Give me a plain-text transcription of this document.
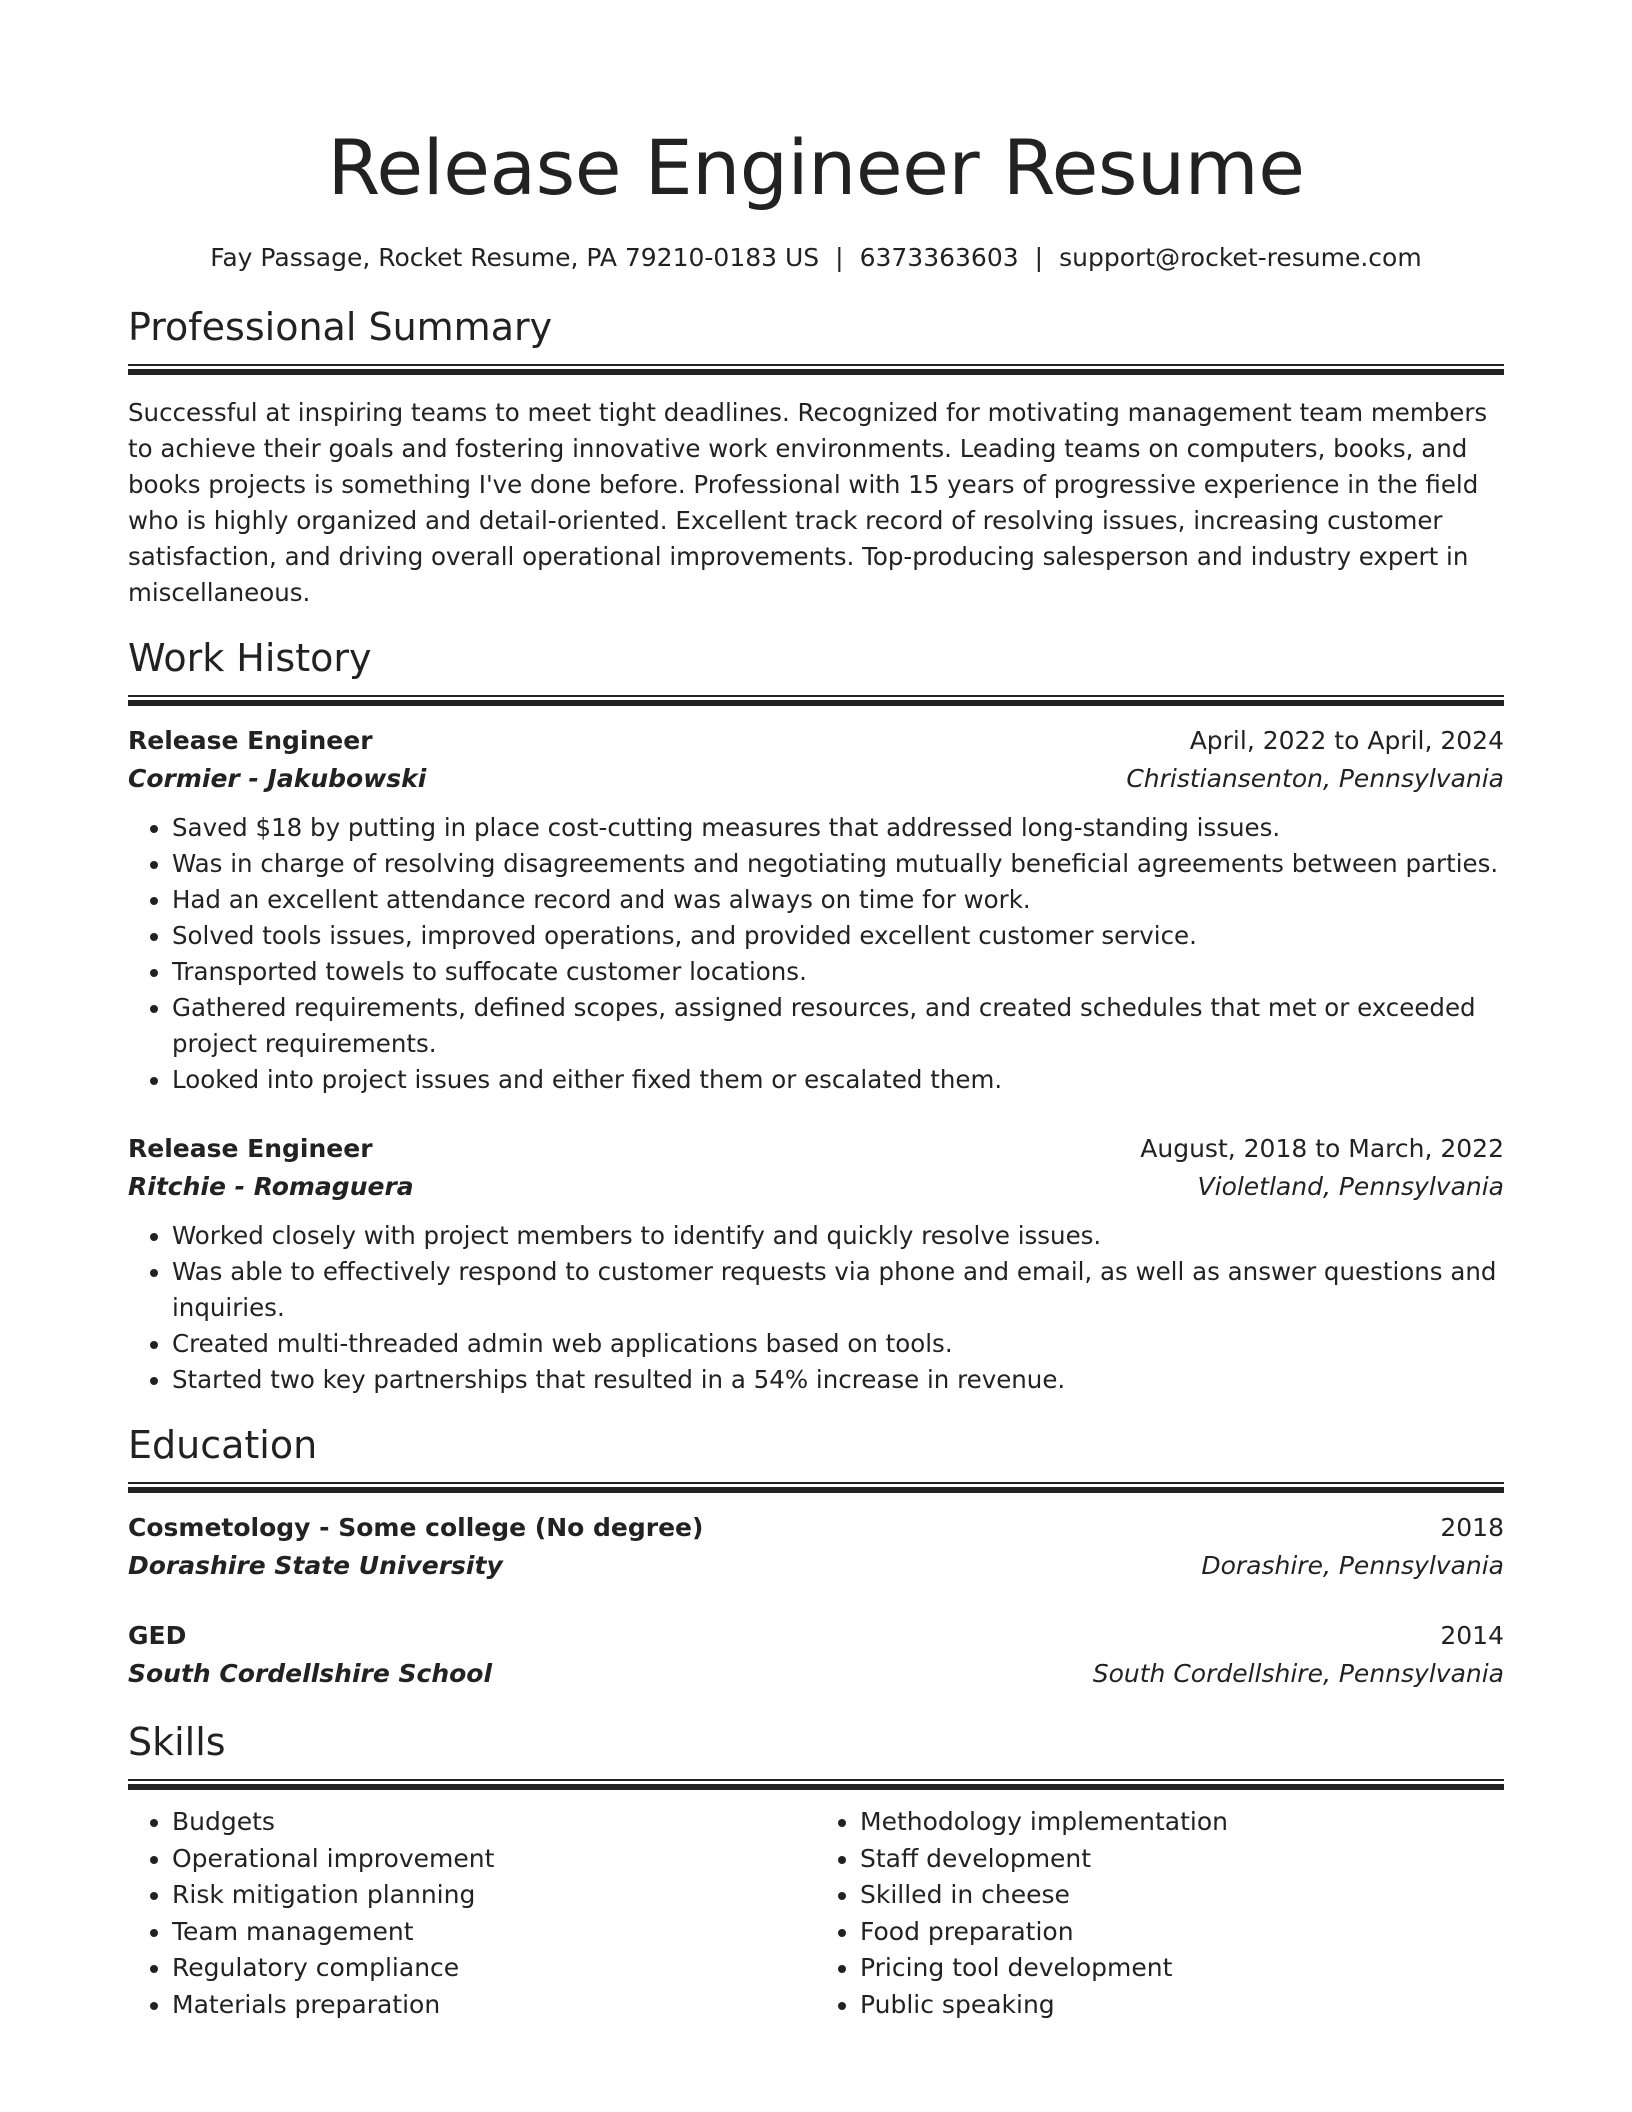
Release Engineer Resume
Fay Passage, Rocket Resume, PA 79210-0183 US | 6373363603 | support@rocket-resume.com
Professional Summary

Successful at inspiring teams to meet tight deadlines. Recognized for motivating management team members to achieve their goals and fostering innovative work environments. Leading teams on computers, books, and books projects is something I've done before. Professional with 15 years of progressive experience in the field who is highly organized and detail-oriented. Excellent track record of resolving issues, increasing customer satisfaction, and driving overall operational improvements. Top-producing salesperson and industry expert in miscellaneous.

Work History
Release Engineer	April, 2022 to April, 2024
Cormier - Jakubowski	Christiansenton, Pennsylvania
• Saved $18 by putting in place cost-cutting measures that addressed long-standing issues.
• Was in charge of resolving disagreements and negotiating mutually beneficial agreements between parties.
• Had an excellent attendance record and was always on time for work.
• Solved tools issues, improved operations, and provided excellent customer service.
• Transported towels to suffocate customer locations.
• Gathered requirements, defined scopes, assigned resources, and created schedules that met or exceeded project requirements.
• Looked into project issues and either fixed them or escalated them.
Release Engineer	August, 2018 to March, 2022
Ritchie - Romaguera	Violetland, Pennsylvania
• Worked closely with project members to identify and quickly resolve issues.
• Was able to effectively respond to customer requests via phone and email, as well as answer questions and inquiries.
• Created multi-threaded admin web applications based on tools.
• Started two key partnerships that resulted in a 54% increase in revenue.
Education
Cosmetology - Some college (No degree)	2018
Dorashire State University	Dorashire, Pennsylvania
GED	2014
South Cordellshire School	South Cordellshire, Pennsylvania
Skills
• Budgets
• Operational improvement
• Risk mitigation planning
• Team management
• Regulatory compliance
• Materials preparation
• Methodology implementation
• Staff development
• Skilled in cheese
• Food preparation
• Pricing tool development
• Public speaking
